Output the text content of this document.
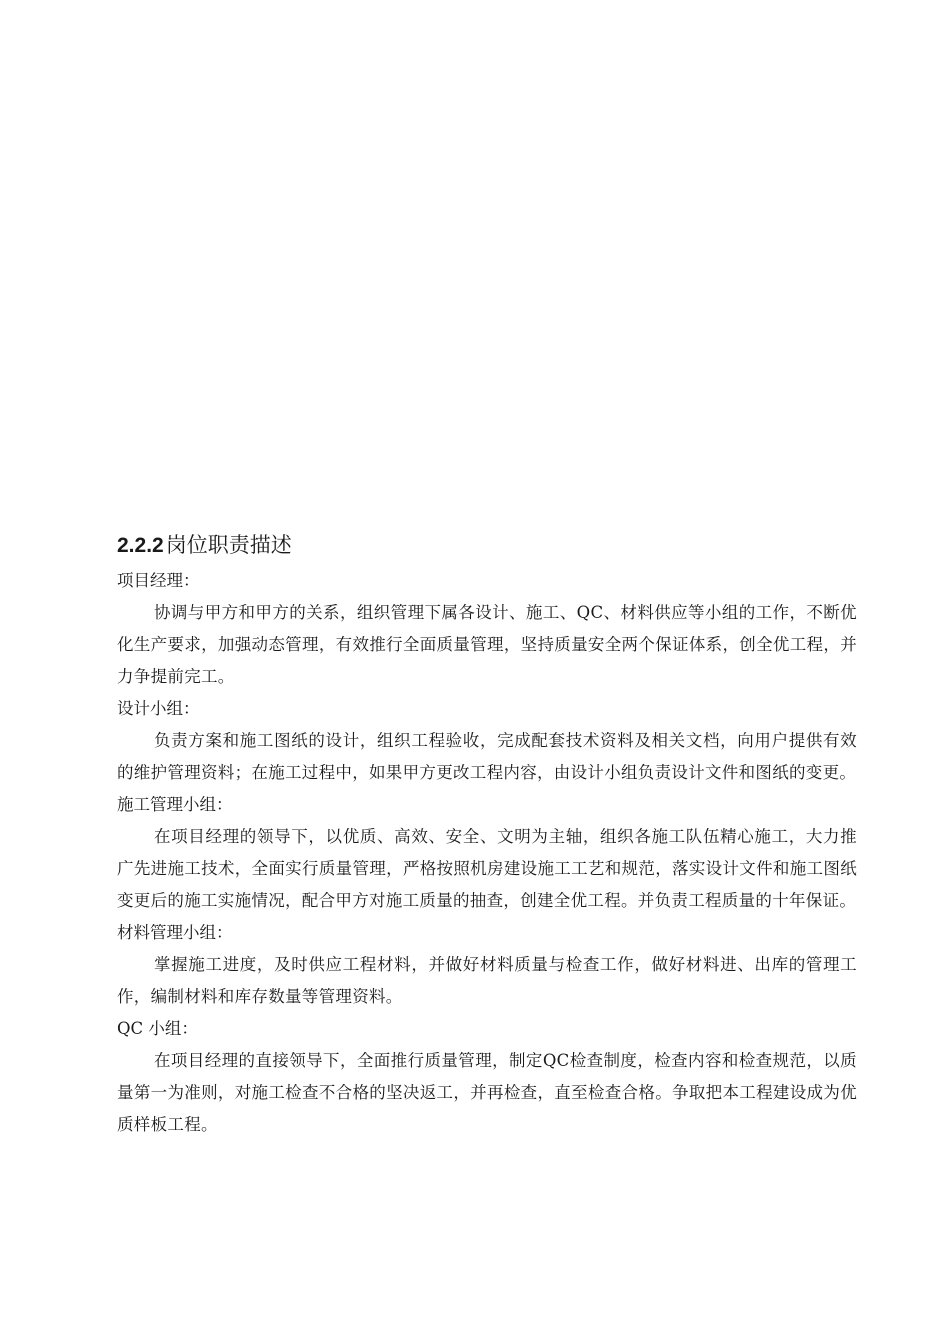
2.2.2岗位职责描述

项目经理：

协调与甲方和甲方的关系，组织管理下属各设计、施工、QC、材料供应等小组的工作，不断优化生产要求，加强动态管理，有效推行全面质量管理，坚持质量安全两个保证体系，创全优工程，并力争提前完工。

设计小组：

负责方案和施工图纸的设计，组织工程验收，完成配套技术资料及相关文档，向用户提供有效的维护管理资料；在施工过程中，如果甲方更改工程内容，由设计小组负责设计文件和图纸的变更。

施工管理小组：

在项目经理的领导下，以优质、高效、安全、文明为主轴，组织各施工队伍精心施工，大力推广先进施工技术，全面实行质量管理，严格按照机房建设施工工艺和规范，落实设计文件和施工图纸变更后的施工实施情况，配合甲方对施工质量的抽查，创建全优工程。并负责工程质量的十年保证。

材料管理小组：

掌握施工进度，及时供应工程材料，并做好材料质量与检查工作，做好材料进、出库的管理工作，编制材料和库存数量等管理资料。

QC 小组：

在项目经理的直接领导下，全面推行质量管理，制定QC检查制度，检查内容和检查规范，以质量第一为准则，对施工检查不合格的坚决返工，并再检查，直至检查合格。争取把本工程建设成为优质样板工程。
